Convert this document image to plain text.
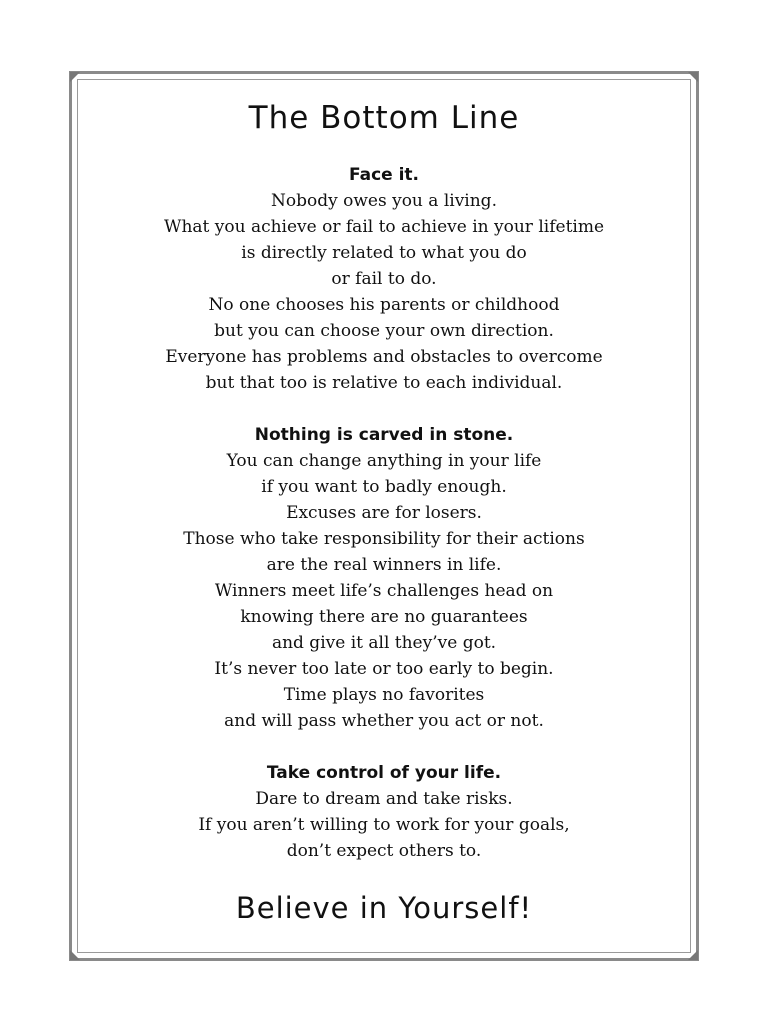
The Bottom Line
Face it.
Nobody owes you a living.
What you achieve or fail to achieve in your lifetime
is directly related to what you do
or fail to do.
No one chooses his parents or childhood
but you can choose your own direction.
Everyone has problems and obstacles to overcome
but that too is relative to each individual.
Nothing is carved in stone.
You can change anything in your life
if you want to badly enough.
Excuses are for losers.
Those who take responsibility for their actions
are the real winners in life.
Winners meet life’s challenges head on
knowing there are no guarantees
and give it all they’ve got.
It’s never too late or too early to begin.
Time plays no favorites
and will pass whether you act or not.
Take control of your life.
Dare to dream and take risks.
If you aren’t willing to work for your goals,
don’t expect others to.
Believe in Yourself!
